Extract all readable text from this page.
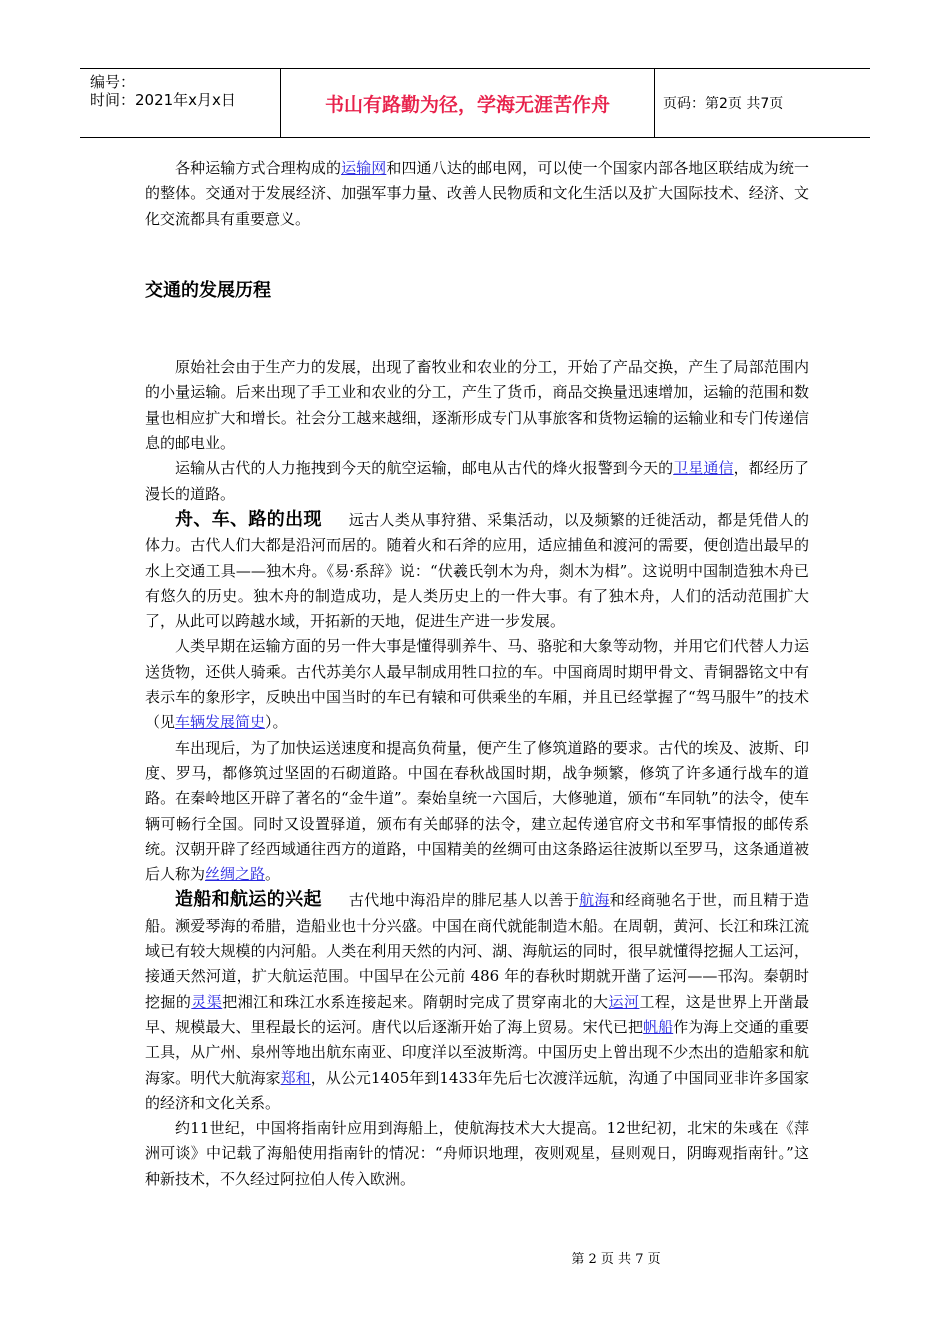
编号：
时间：2021年x月x日	书山有路勤为径，学海无涯苦作舟	页码：第2页 共7页

各种运输方式合理构成的运输网和四通八达的邮电网，可以使一个国家内部各地区联结成为统一的整体。交通对于发展经济、加强军事力量、改善人民物质和文化生活以及扩大国际技术、经济、文化交流都具有重要意义。

交通的发展历程

原始社会由于生产力的发展，出现了畜牧业和农业的分工，开始了产品交换，产生了局部范围内的小量运输。后来出现了手工业和农业的分工，产生了货币，商品交换量迅速增加，运输的范围和数量也相应扩大和增长。社会分工越来越细，逐渐形成专门从事旅客和货物运输的运输业和专门传递信息的邮电业。

运输从古代的人力拖拽到今天的航空运输，邮电从古代的烽火报警到今天的卫星通信，都经历了漫长的道路。

舟、车、路的出现 远古人类从事狩猎、采集活动，以及频繁的迁徙活动，都是凭借人的体力。古代人们大都是沿河而居的。随着火和石斧的应用，适应捕鱼和渡河的需要，便创造出最早的水上交通工具——独木舟。《易·系辞》说：“伏羲氏刳木为舟，剡木为楫”。这说明中国制造独木舟已有悠久的历史。独木舟的制造成功，是人类历史上的一件大事。有了独木舟，人们的活动范围扩大了，从此可以跨越水域，开拓新的天地，促进生产进一步发展。

人类早期在运输方面的另一件大事是懂得驯养牛、马、骆驼和大象等动物，并用它们代替人力运送货物，还供人骑乘。古代苏美尔人最早制成用牲口拉的车。中国商周时期甲骨文、青铜器铭文中有表示车的象形字，反映出中国当时的车已有辕和可供乘坐的车厢，并且已经掌握了“驾马服牛”的技术（见车辆发展简史）。

车出现后，为了加快运送速度和提高负荷量，便产生了修筑道路的要求。古代的埃及、波斯、印度、罗马，都修筑过坚固的石砌道路。中国在春秋战国时期，战争频繁，修筑了许多通行战车的道路。在秦岭地区开辟了著名的“金牛道”。秦始皇统一六国后，大修驰道，颁布“车同轨”的法令，使车辆可畅行全国。同时又设置驿道，颁布有关邮驿的法令，建立起传递官府文书和军事情报的邮传系统。汉朝开辟了经西域通往西方的道路，中国精美的丝绸可由这条路运往波斯以至罗马，这条通道被后人称为丝绸之路。

造船和航运的兴起 古代地中海沿岸的腓尼基人以善于航海和经商驰名于世，而且精于造船。濒爱琴海的希腊，造船业也十分兴盛。中国在商代就能制造木船。在周朝，黄河、长江和珠江流域已有较大规模的内河船。人类在利用天然的内河、湖、海航运的同时，很早就懂得挖掘人工运河，接通天然河道，扩大航运范围。中国早在公元前 486 年的春秋时期就开凿了运河——邗沟。秦朝时挖掘的灵渠把湘江和珠江水系连接起来。隋朝时完成了贯穿南北的大运河工程，这是世界上开凿最早、规模最大、里程最长的运河。唐代以后逐渐开始了海上贸易。宋代已把帆船作为海上交通的重要工具，从广州、泉州等地出航东南亚、印度洋以至波斯湾。中国历史上曾出现不少杰出的造船家和航海家。明代大航海家郑和，从公元1405年到1433年先后七次渡洋远航，沟通了中国同亚非许多国家的经济和文化关系。

约11世纪，中国将指南针应用到海船上，使航海技术大大提高。12世纪初，北宋的朱彧在《萍洲可谈》中记载了海船使用指南针的情况：“舟师识地理，夜则观星，昼则观日，阴晦观指南针。”这种新技术，不久经过阿拉伯人传入欧洲。

第 2 页 共 7 页
